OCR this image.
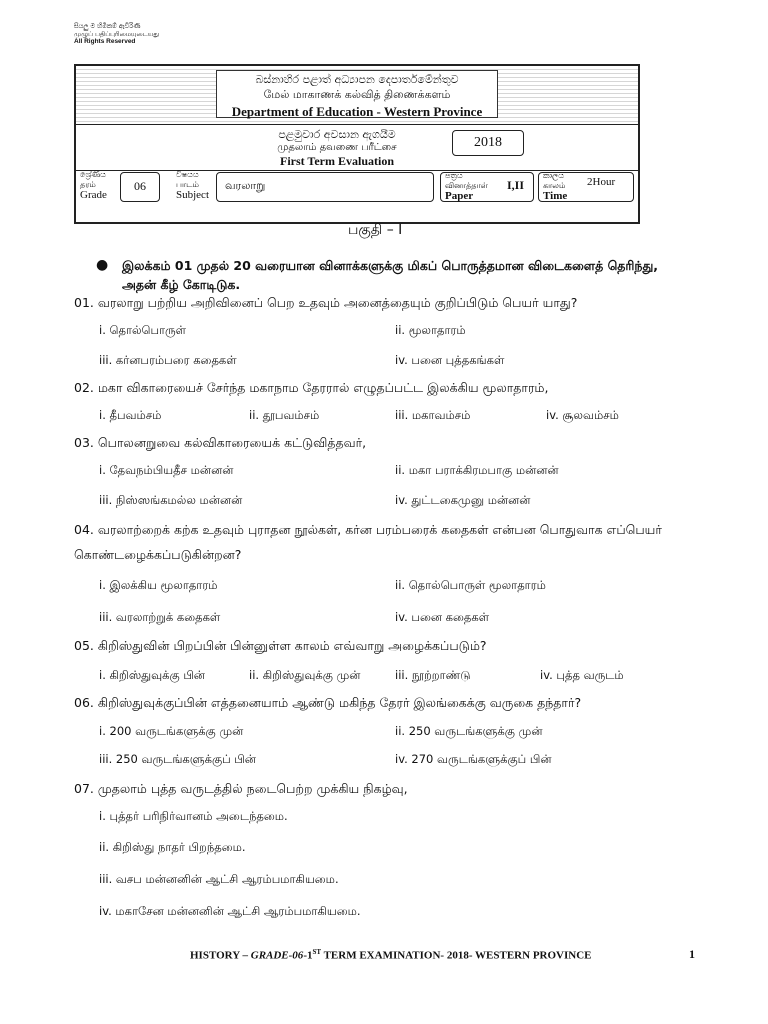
සියලු ම හිමිකම් ඇවිරිණි
முழுப் பதிப்புரிமையுடையது
All Rights Reserved
බස්නාහිර පළාත් අධ්‍යාපන දෙපාර්තමේන්තුව
மேல் மாகாணக் கல்வித் திணைக்களம்
Department of Education - Western Province
පළමුවාර අවසාන ඇගයීම
முதலாம் தவணை பரீட்சை
First Term Evaluation
2018
ශ්‍රේණිය
தரம்
Grade
06
විෂයය
பாடம்
Subject
வரலாறு
පත්‍රය
வினாத்தாள்
Paper
I,II
කාලය
காலம்
Time
2Hour
பகுதி – I
● இலக்கம் 01 முதல் 20 வரையான வினாக்களுக்கு மிகப் பொருத்தமான விடைகளைத் தெரிந்து, அதன் கீழ் கோடிடுக.
01. வரலாறு பற்றிய அறிவினைப் பெற உதவும் அனைத்தையும் குறிப்பிடும் பெயர் யாது?
i. தொல்பொருள்	ii. மூலாதாரம்
iii. கர்னபரம்பரை கதைகள்	iv. பனை புத்தகங்கள்
02. மகா விகாரையைச் சேர்ந்த மகாநாம தேரரால் எழுதப்பட்ட இலக்கிய மூலாதாரம்,
i. தீபவம்சம்	ii. தூபவம்சம்	iii. மகாவம்சம்	iv. சூலவம்சம்
03. பொலனறுவை கல்விகாரையைக் கட்டுவித்தவர்,
i. தேவநம்பியதீச மன்னன்	ii. மகா பராக்கிரமபாகு மன்னன்
iii. நிஸ்ஸங்கமல்ல மன்னன்	iv. துட்டகைமுனு மன்னன்
04. வரலாற்றைக் கற்க உதவும் புராதன நூல்கள், கர்ன பரம்பரைக் கதைகள் என்பன பொதுவாக எப்பெயர் கொண்டழைக்கப்படுகின்றன?
i. இலக்கிய மூலாதாரம்	ii. தொல்பொருள் மூலாதாரம்
iii. வரலாற்றுக் கதைகள்	iv. பனை கதைகள்
05. கிறிஸ்துவின் பிறப்பின் பின்னுள்ள காலம் எவ்வாறு அழைக்கப்படும்?
i. கிறிஸ்துவுக்கு பின்	ii. கிறிஸ்துவுக்கு முன்	iii. நூற்றாண்டு	iv. புத்த வருடம்
06. கிறிஸ்துவுக்குப்பின் எத்தனையாம் ஆண்டு மகிந்த தேரர் இலங்கைக்கு வருகை தந்தார்?
i. 200 வருடங்களுக்கு முன்	ii. 250 வருடங்களுக்கு முன்
iii. 250 வருடங்களுக்குப் பின்	iv. 270 வருடங்களுக்குப் பின்
07. முதலாம் புத்த வருடத்தில் நடைபெற்ற முக்கிய நிகழ்வு,
i. புத்தர் பரிநிர்வானம் அடைந்தமை.
ii. கிறிஸ்து நாதர் பிறந்தமை.
iii. வசப மன்னனின் ஆட்சி ஆரம்பமாகியமை.
iv. மகாசேன மன்னனின் ஆட்சி ஆரம்பமாகியமை.
HISTORY – GRADE-06-1ST TERM EXAMINATION- 2018- WESTERN PROVINCE	1
